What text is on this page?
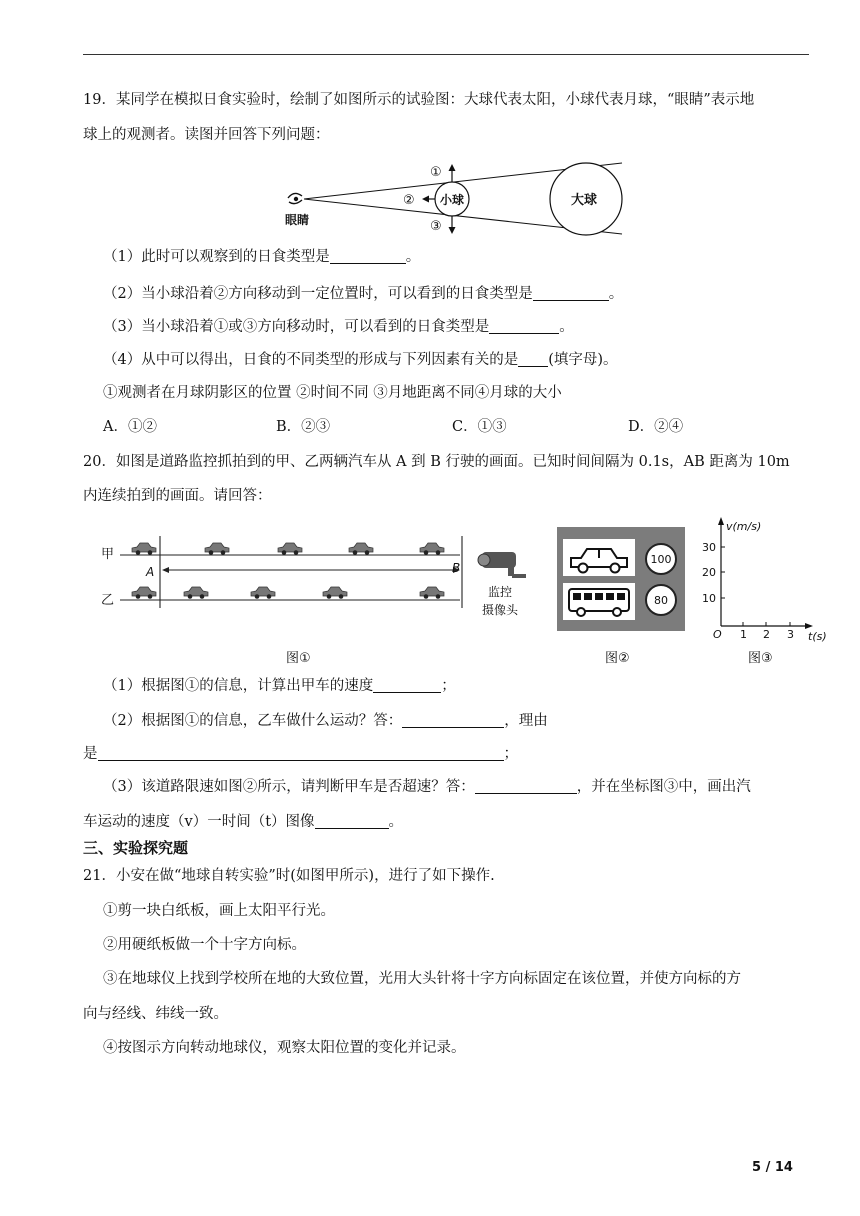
19．某同学在模拟日食实验时，绘制了如图所示的试验图：大球代表太阳，小球代表月球，“眼睛”表示地
球上的观测者。读图并回答下列问题：
①
②
③
小球	大球
眼睛
（1）此时可以观察到的日食类型是	。
（2）当小球沿着②方向移动到一定位置时，可以看到的日食类型是	。
（3）当小球沿着①或③方向移动时，可以看到的日食类型是	。
（4）从中可以得出，日食的不同类型的形成与下列因素有关的是 (填字母)。
①观测者在月球阴影区的位置 ②时间不同 ③月地距离不同④月球的大小
A．①②	B．②③	C．①③	D．②④
20．如图是道路监控抓拍到的甲、乙两辆汽车从 A 到 B 行驶的画面。已知时间间隔为 0.1s，AB 距离为 10m
内连续拍到的画面。请回答：
甲
乙
A	B
监控
摄像头
100
80
v(m/s)
t(s)
O
30
20
10
1 2 3
图①	图②	图③
（1）根据图①的信息，计算出甲车的速度	；
（2）根据图①的信息，乙车做什么运动？答：	，理由
是	；
（3）该道路限速如图②所示，请判断甲车是否超速？答：	，并在坐标图③中，画出汽
车运动的速度（v）一时间（t）图像	。
三、实验探究题
21．小安在做“地球自转实验”时(如图甲所示)，进行了如下操作.
①剪一块白纸板，画上太阳平行光。
②用硬纸板做一个十字方向标。
③在地球仪上找到学校所在地的大致位置，光用大头针将十字方向标固定在该位置，并使方向标的方
向与经线、纬线一致。
④按图示方向转动地球仪，观察太阳位置的变化并记录。
5 / 14
